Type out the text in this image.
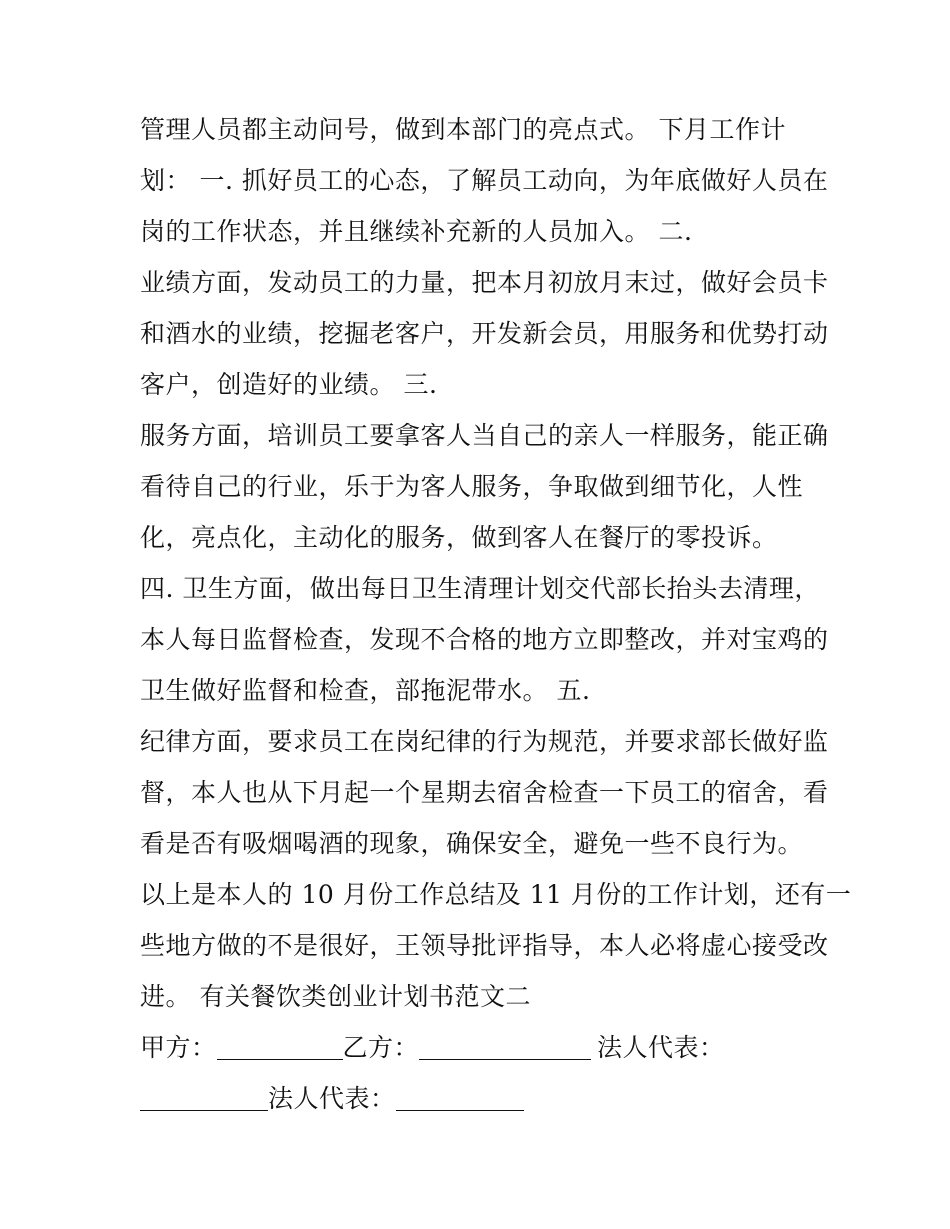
管理人员都主动问号，做到本部门的亮点式。 下月工作计
划： 一. 抓好员工的心态，了解员工动向，为年底做好人员在
岗的工作状态，并且继续补充新的人员加入。 二.
业绩方面，发动员工的力量，把本月初放月末过，做好会员卡
和酒水的业绩，挖掘老客户，开发新会员，用服务和优势打动
客户，创造好的业绩。 三.
服务方面，培训员工要拿客人当自己的亲人一样服务，能正确
看待自己的行业，乐于为客人服务，争取做到细节化，人性
化，亮点化，主动化的服务，做到客人在餐厅的零投诉。
四. 卫生方面，做出每日卫生清理计划交代部长抬头去清理，
本人每日监督检查，发现不合格的地方立即整改，并对宝鸡的
卫生做好监督和检查，部拖泥带水。 五.
纪律方面，要求员工在岗纪律的行为规范，并要求部长做好监
督，本人也从下月起一个星期去宿舍检查一下员工的宿舍，看
看是否有吸烟喝酒的现象，确保安全，避免一些不良行为。
以上是本人的 10 月份工作总结及 11 月份的工作计划，还有一
些地方做的不是很好，王领导批评指导，本人必将虚心接受改
进。 有关餐饮类创业计划书范文二
甲方：	乙方：	法人代表：
法人代表：
